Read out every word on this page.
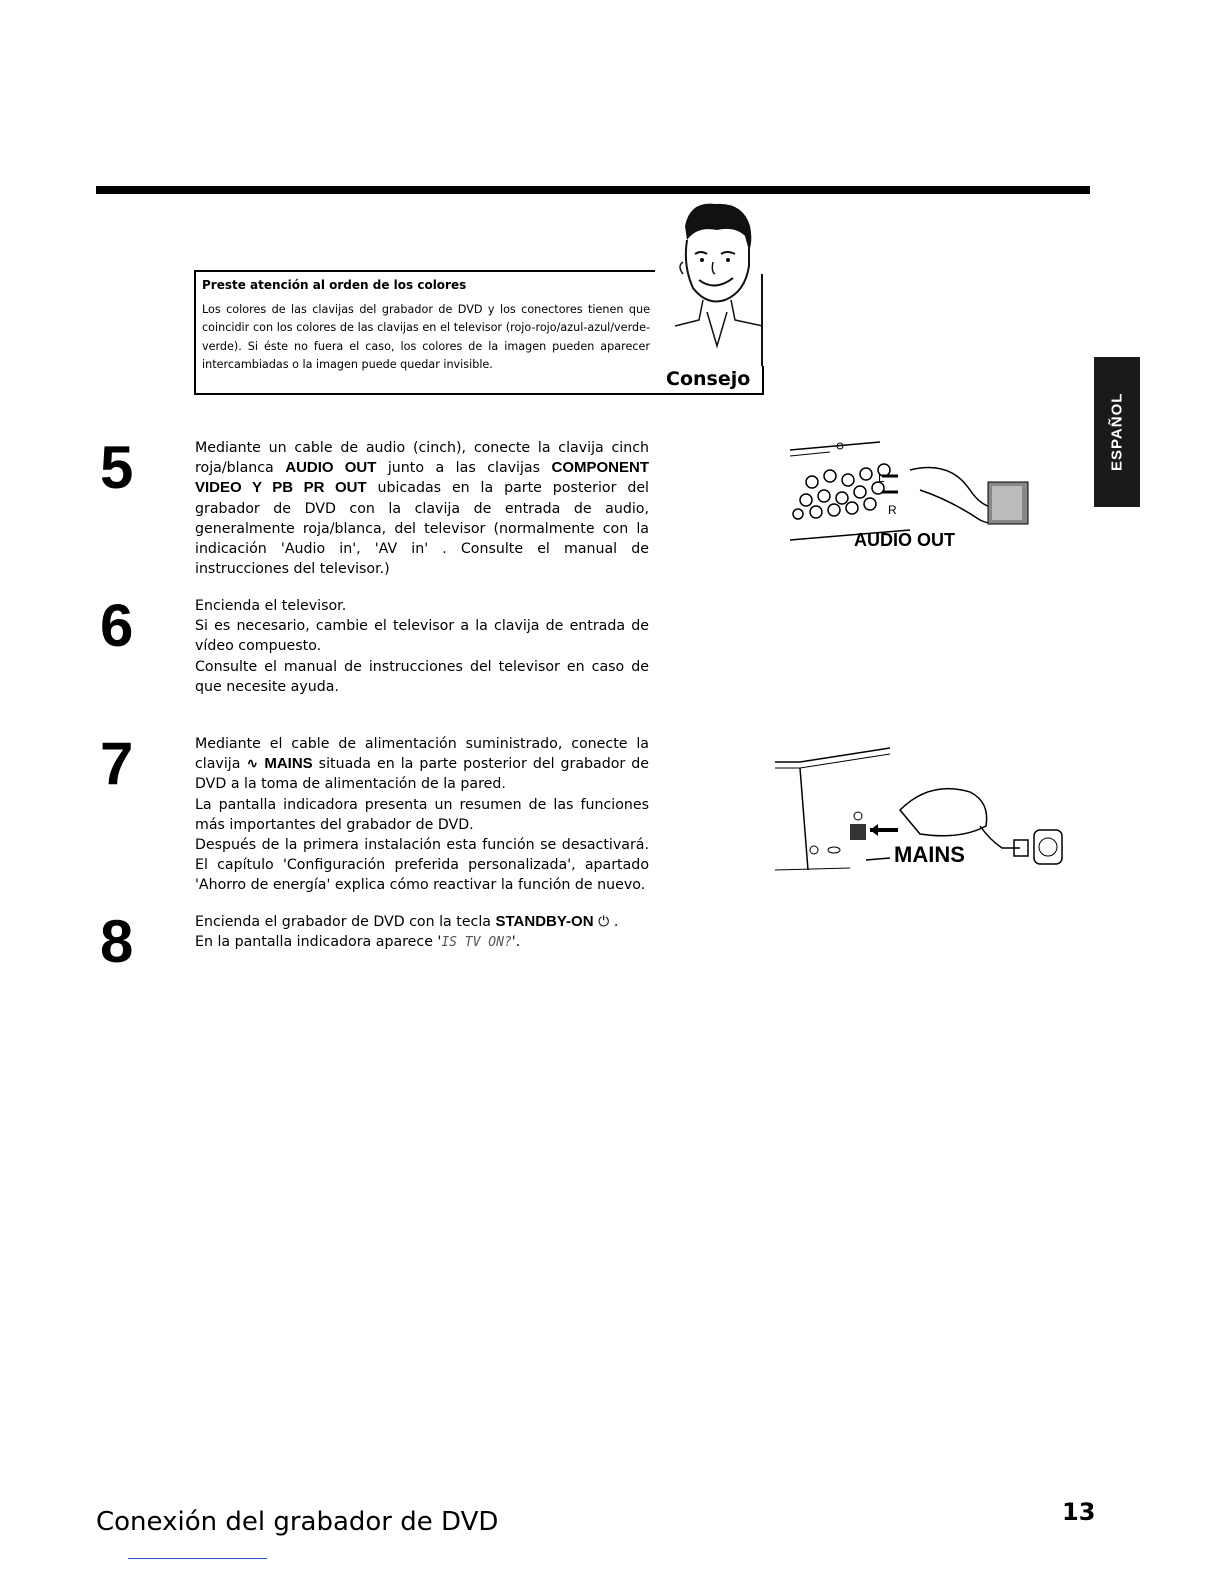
Preste atención al orden de los colores
Los colores de las clavijas del grabador de DVD y los conectores tienen que coincidir con los colores de las clavijas en el televisor (rojo-rojo/azul-azul/verde-verde). Si éste no fuera el caso, los colores de la imagen pueden aparecer intercambiadas o la imagen puede quedar invisible.
Consejo
ESPAÑOL
5	Mediante un cable de audio (cinch), conecte la clavija cinch roja/blanca AUDIO OUT junto a las clavijas COMPONENT VIDEO Y PB PR OUT ubicadas en la parte posterior del grabador de DVD con la clavija de entrada de audio, generalmente roja/blanca, del televisor (normalmente con la indicación 'Audio in', 'AV in' . Consulte el manual de instrucciones del televisor.)
6	Encienda el televisor.

Si es necesario, cambie el televisor a la clavija de entrada de vídeo compuesto.

Consulte el manual de instrucciones del televisor en caso de que necesite ayuda.

7	Mediante el cable de alimentación suministrado, conecte la clavija ∿ MAINS situada en la parte posterior del grabador de DVD a la toma de alimentación de la pared.

La pantalla indicadora presenta un resumen de las funciones más importantes del grabador de DVD.

Después de la primera instalación esta función se desactivará. El capítulo 'Configuración preferida personalizada', apartado 'Ahorro de energía' explica cómo reactivar la función de nuevo.

8	Encienda el grabador de DVD con la tecla STANDBY-ON ⏻ .

En la pantalla indicadora aparece 'IS TV ON?'.

L
R
AUDIO OUT
MAINS
Conexión del grabador de DVD	13
